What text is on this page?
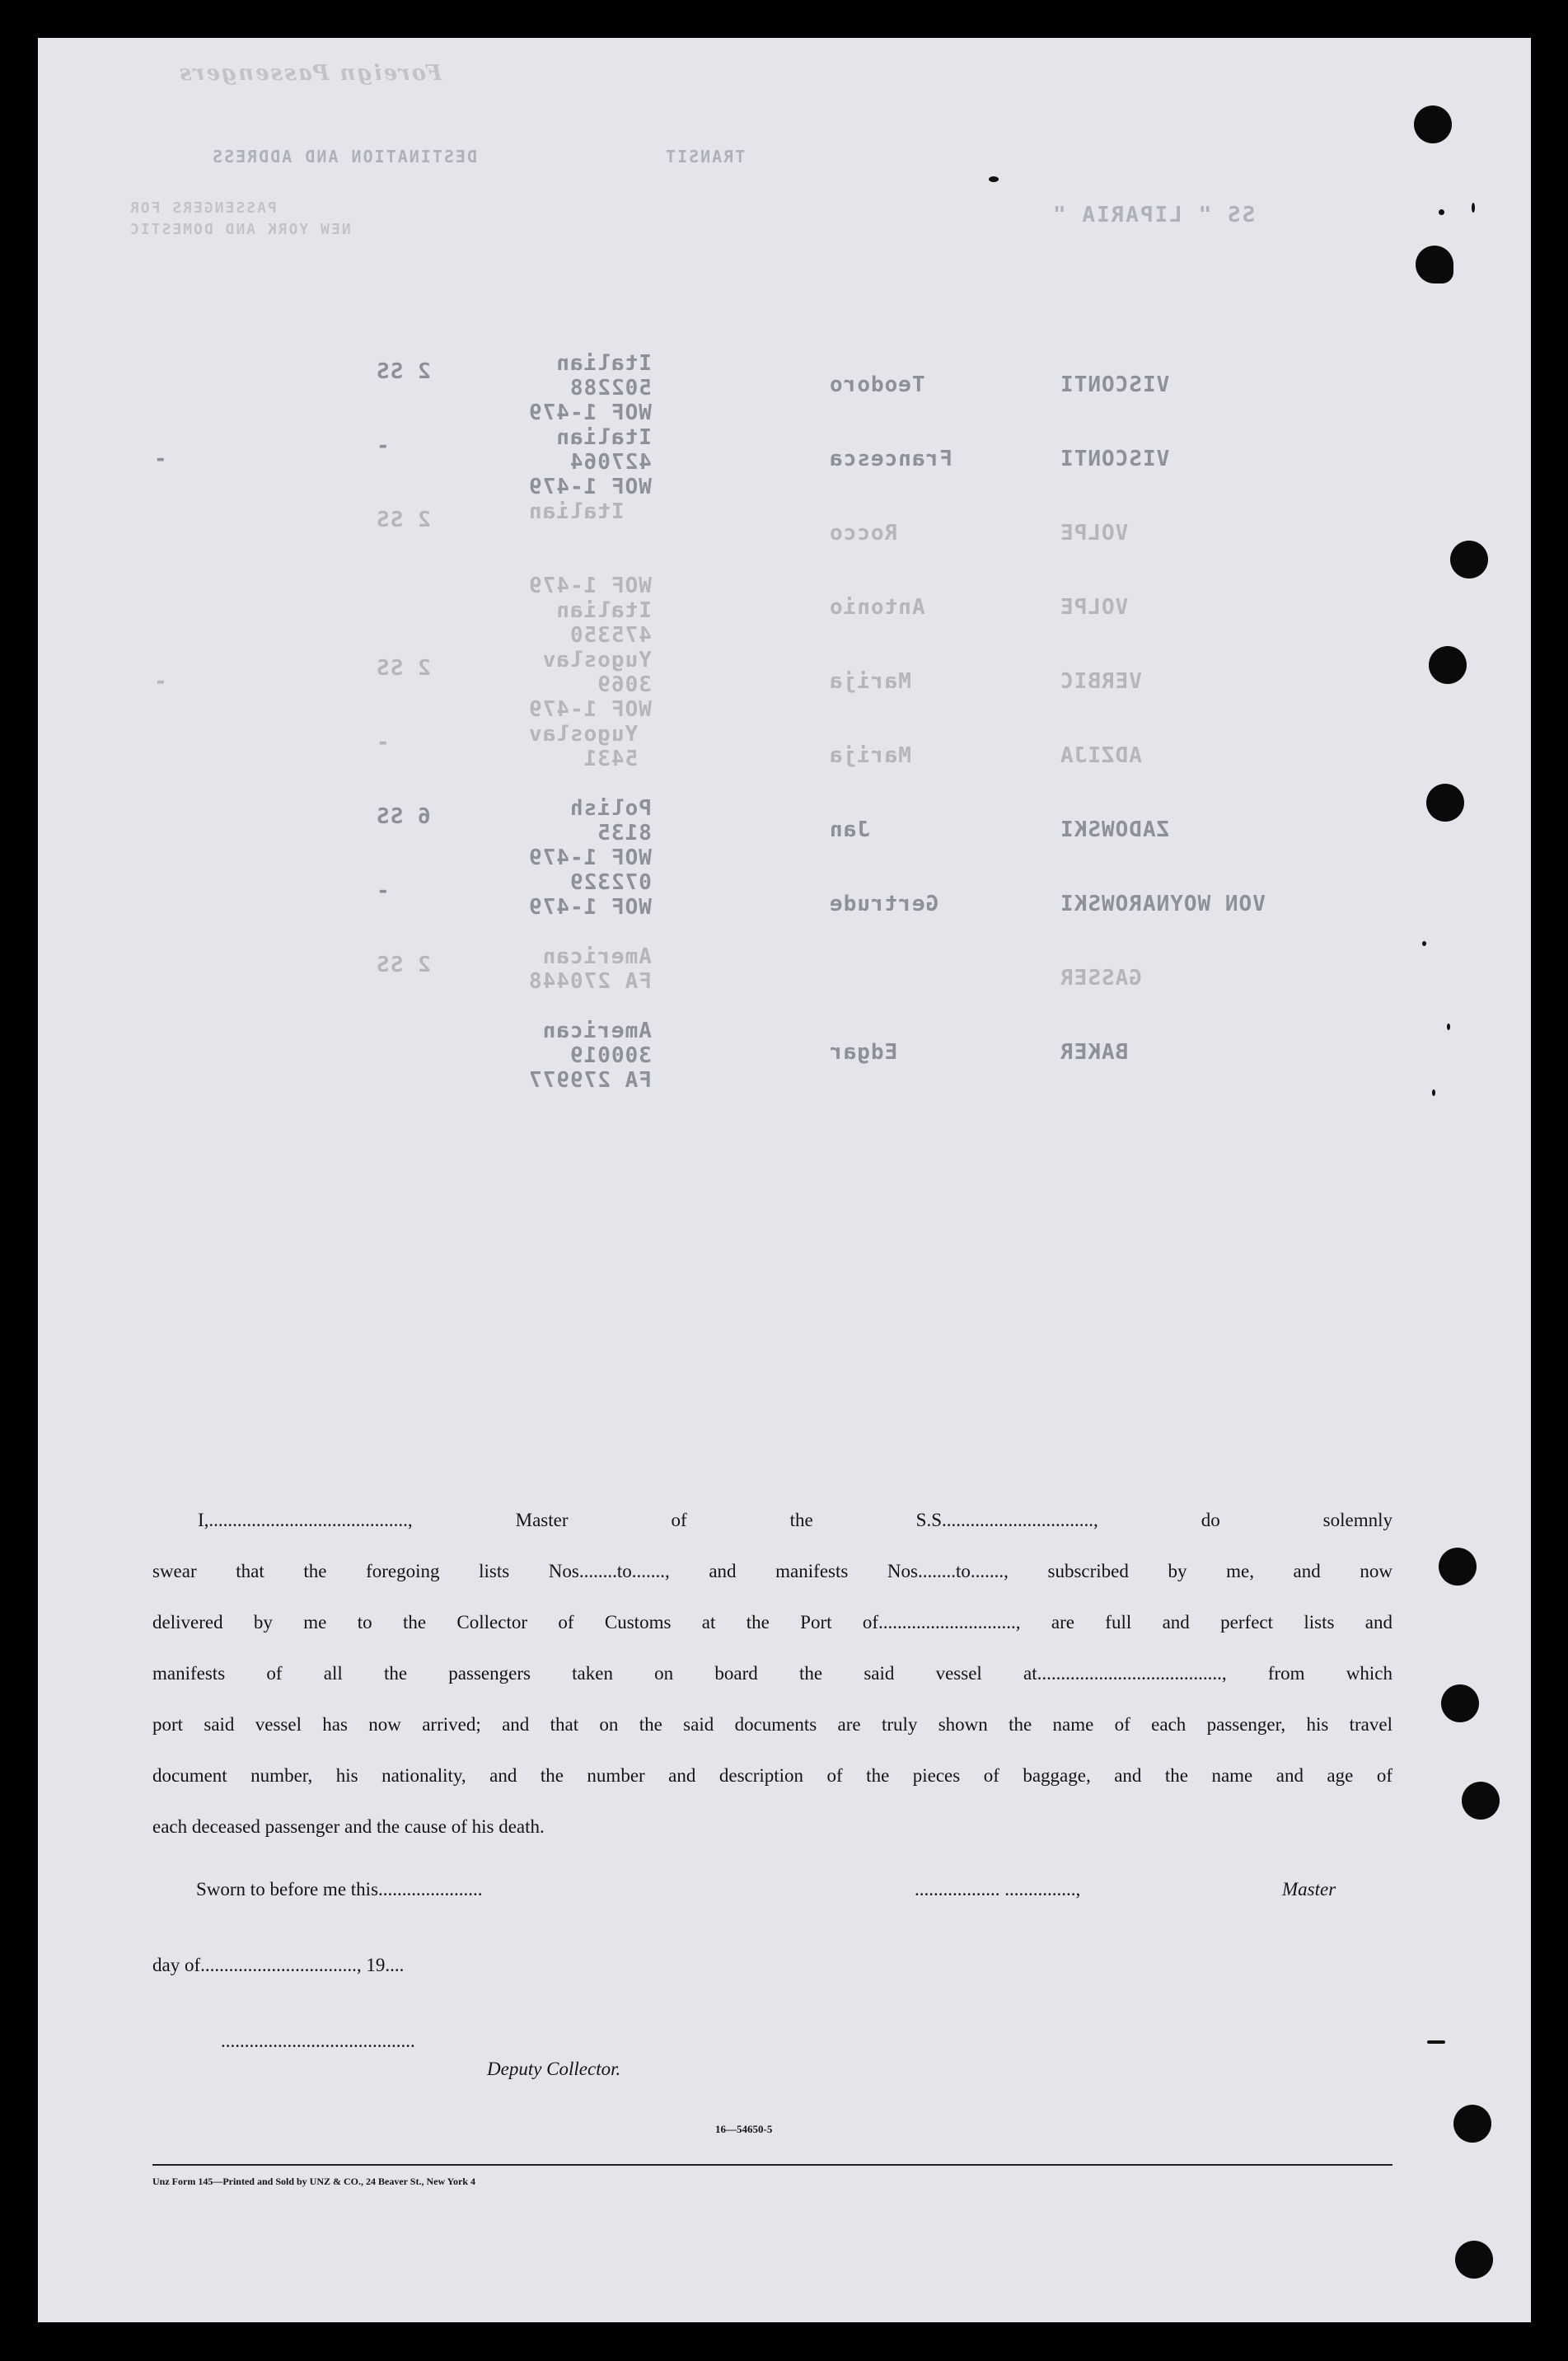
Foreign Passengers
TRANSIT
DESTINATION AND ADDRESS
PASSENGERS FOR
NEW YORK AND DOMESTIC
SS " LIPARIA "
VISCONTI
Teodoro
Italian
502288
WOF 1-479
2 SS
VISCONTI
Francesca
Italian
427064
WOF 1-479
-
-
VOLPE
Rocco
Italian
2 SS
VOLPE
Antonio
WOF 1-479
Italian
475350
VERBIC
Marija
Yugoslav
3069
WOF 1-479
2 SS
-
ADZIJA
Marija
Yugoslav
5431
-
ZADOWSKI
Jan
Polish
8135
WOF 1-479
6 SS
VON WOYNAROWSKI
Gertrude
072329
WOF 1-479
-
GASSER
American
FA 270448
2 SS
BAKER
Edgar
American
300019
FA 279977
I,.........................................., Master of the S.S................................, do solemnly
swear that the foregoing lists Nos........to......., and manifests Nos........to......., subscribed by me, and now
delivered by me to the Collector of Customs at the Port of............................., are full and perfect lists and
manifests of all the passengers taken on board the said vessel at......................................., from which
port said vessel has now arrived; and that on the said documents are truly shown the name of each passenger, his travel
document number, his nationality, and the number and description of the pieces of baggage, and the name and age of
each deceased passenger and the cause of his death.
Sworn to before me this......................	.................. ...............,	Master
day of................................., 19....
.........................................
Deputy Collector.
16—54650-5
Unz Form 145—Printed and Sold by UNZ & CO., 24 Beaver St., New York 4
